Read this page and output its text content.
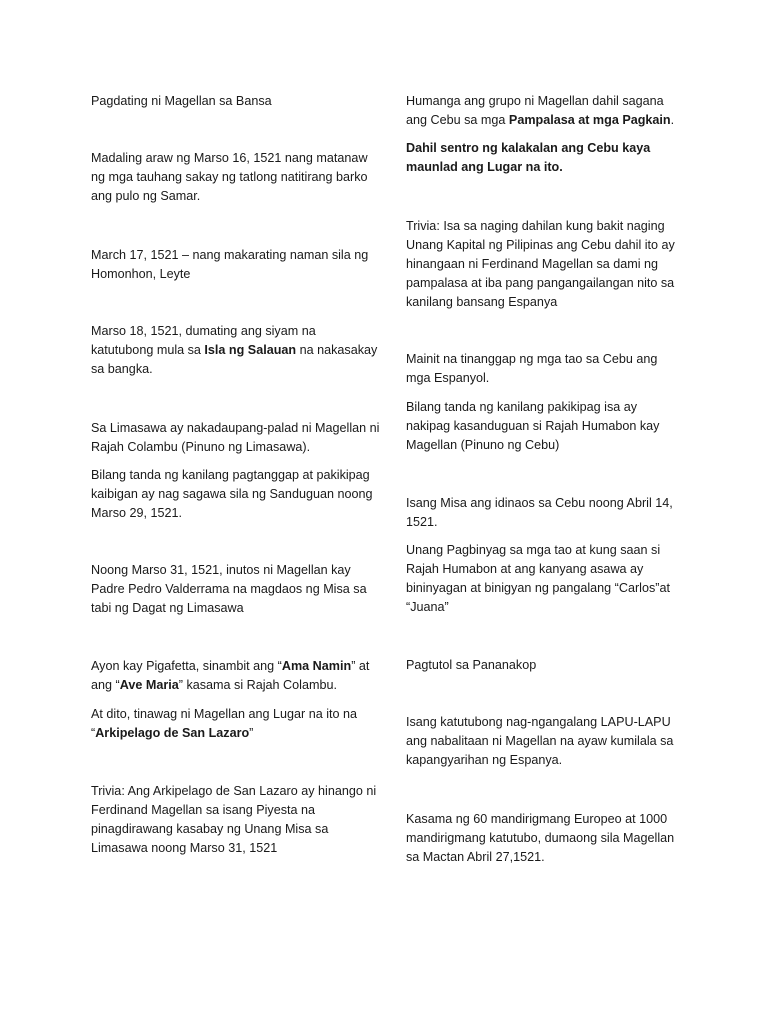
Pagdating ni Magellan sa Bansa

Madaling araw ng Marso 16, 1521 nang matanaw ng mga tauhang sakay ng tatlong natitirang barko ang pulo ng Samar.

March 17, 1521 – nang makarating naman sila ng Homonhon, Leyte

Marso 18, 1521, dumating ang siyam na katutubong mula sa Isla ng Salauan na nakasakay sa bangka.

Sa Limasawa ay nakadaupang-palad ni Magellan ni Rajah Colambu (Pinuno ng Limasawa).

Bilang tanda ng kanilang pagtanggap at pakikipag kaibigan ay nag sagawa sila ng Sanduguan noong Marso 29, 1521.

Noong Marso 31, 1521, inutos ni Magellan kay Padre Pedro Valderrama na magdaos ng Misa sa tabi ng Dagat ng Limasawa

Ayon kay Pigafetta, sinambit ang “Ama Namin” at ang “Ave Maria” kasama si Rajah Colambu.

At dito, tinawag ni Magellan ang Lugar na ito na “Arkipelago de San Lazaro”

Trivia: Ang Arkipelago de San Lazaro ay hinango ni Ferdinand Magellan sa isang Piyesta na pinagdirawang kasabay ng Unang Misa sa Limasawa noong Marso 31, 1521

Humanga ang grupo ni Magellan dahil sagana ang Cebu sa mga Pampalasa at mga Pagkain.

Dahil sentro ng kalakalan ang Cebu kaya maunlad ang Lugar na ito.

Trivia: Isa sa naging dahilan kung bakit naging Unang Kapital ng Pilipinas ang Cebu dahil ito ay hinangaan ni Ferdinand Magellan sa dami ng pampalasa at iba pang pangangailangan nito sa kanilang bansang Espanya

Mainit na tinanggap ng mga tao sa Cebu ang mga Espanyol.

Bilang tanda ng kanilang pakikipag isa ay nakipag kasanduguan si Rajah Humabon kay Magellan (Pinuno ng Cebu)

Isang Misa ang idinaos sa Cebu noong Abril 14, 1521.

Unang Pagbinyag sa mga tao at kung saan si Rajah Humabon at ang kanyang asawa ay bininyagan at binigyan ng pangalang “Carlos”at “Juana”

Pagtutol sa Pananakop

Isang katutubong nag-ngangalang LAPU-LAPU ang nabalitaan ni Magellan na ayaw kumilala sa kapangyarihan ng Espanya.

Kasama ng 60 mandirigmang Europeo at 1000 mandirigmang katutubo, dumaong sila Magellan sa Mactan Abril 27,1521.
